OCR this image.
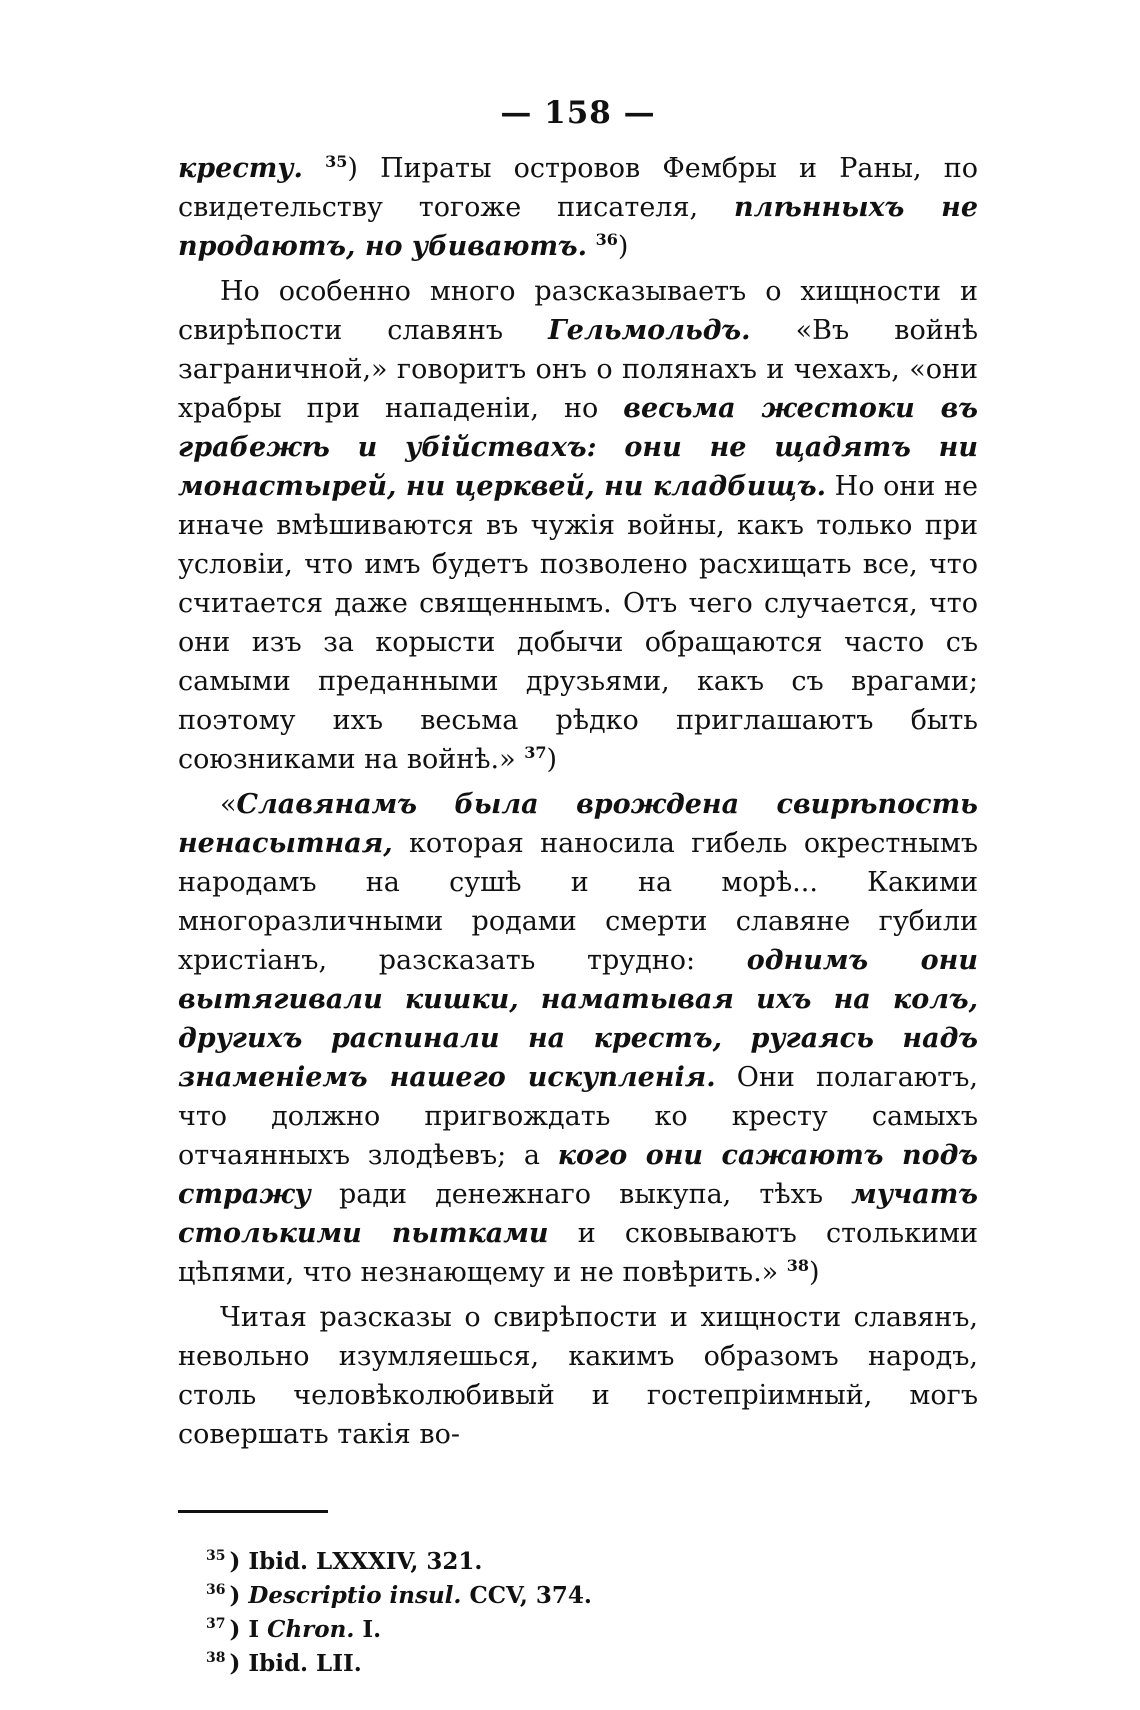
— 158 —

кресту. $^{35}$) Пираты островов Фембры и Раны, по свидетельству тогоже писателя, плѣнныхъ не продаютъ, но убиваютъ. $^{36}$)

Но особенно много разсказываетъ о хищности и свирѣпости славянъ Гельмольдъ. «Въ войнѣ заграничной,» говоритъ онъ о полянахъ и чехахъ, «они храбры при нападеніи, но весьма жестоки въ грабежѣ и убійствахъ: они не щадятъ ни монастырей, ни церквей, ни кладбищъ. Но они не иначе вмѣшиваются въ чужія войны, какъ только при условіи, что имъ будетъ позволено расхищать все, что считается даже священнымъ. Отъ чего случается, что они изъ за корысти добычи обращаются часто съ самыми преданными друзьями, какъ съ врагами; поэтому ихъ весьма рѣдко приглашаютъ быть союзниками на войнѣ.» $^{37}$)

«Славянамъ была врождена свирѣпость ненасытная, которая наносила гибель окрестнымъ народамъ на сушѣ и на морѣ... Какими многоразличными родами смерти славяне губили христіанъ, разсказать трудно: однимъ они вытягивали кишки, наматывая ихъ на колъ, другихъ распинали на крестъ, ругаясь надъ знаменіемъ нашего искупленія. Они полагаютъ, что должно пригвождать ко кресту самыхъ отчаянныхъ злодѣевъ; а кого они сажаютъ подъ стражу ради денежнаго выкупа, тѣхъ мучатъ столькими пытками и сковываютъ столькими цѣпями, что незнающему и не повѣрить.» $^{38}$)

Читая разсказы о свирѣпости и хищности славянъ, невольно изумляешься, какимъ образомъ народъ, столь человѣколюбивый и гостепріимный, могъ совершать такія во-

$^{35}$ ) Ibid. LXXXIV, 321.
$^{36}$ ) Descriptio insul. CCV, 374.
$^{37}$ ) I Chron. I.
$^{38}$ ) Ibid. LII.
